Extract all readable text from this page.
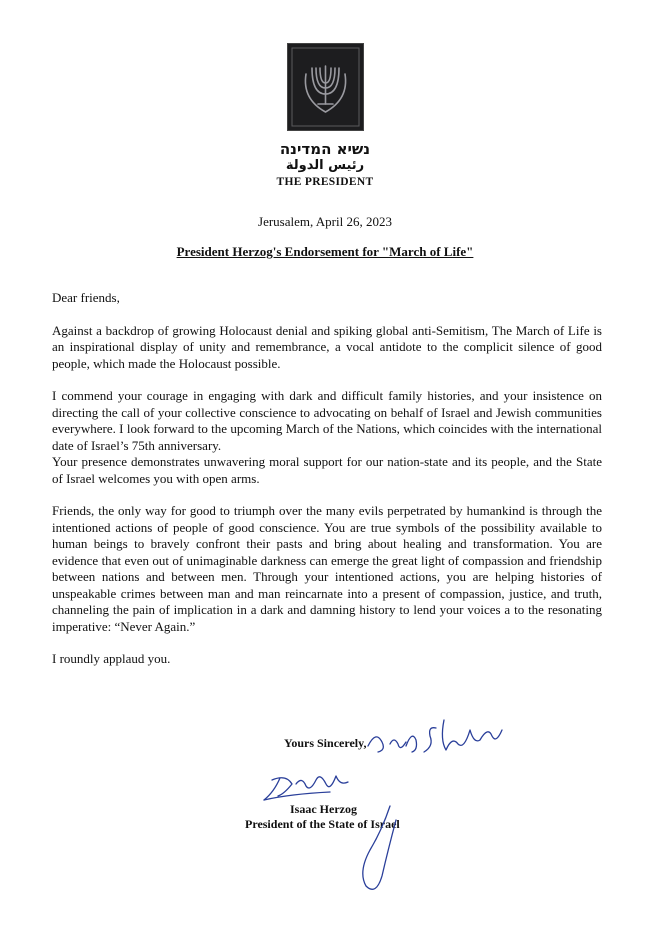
נשיא המדינה
رئيس الدولة
THE PRESIDENT
Jerusalem, April 26, 2023
President Herzog's Endorsement for "March of Life"

Dear friends,

Against a backdrop of growing Holocaust denial and spiking global anti-Semitism, The March of Life is an inspirational display of unity and remembrance, a vocal antidote to the complicit silence of good people, which made the Holocaust possible.

I commend your courage in engaging with dark and difficult family histories, and your insistence on directing the call of your collective conscience to advocating on behalf of Israel and Jewish communities everywhere. I look forward to the upcoming March of the Nations, which coincides with the international date of Israel’s 75th anniversary.

Your presence demonstrates unwavering moral support for our nation-state and its people, and the State of Israel welcomes you with open arms.

Friends, the only way for good to triumph over the many evils perpetrated by humankind is through the intentioned actions of people of good conscience. You are true symbols of the possibility available to human beings to bravely confront their pasts and bring about healing and transformation. You are evidence that even out of unimaginable darkness can emerge the great light of compassion and friendship between nations and between men. Through your intentioned actions, you are helping histories of unspeakable crimes between man and man reincarnate into a present of compassion, justice, and truth, channeling the pain of implication in a dark and damning history to lend your voices a to the resonating imperative: “Never Again.”

I roundly applaud you.

Yours Sincerely,
Isaac Herzog
President of the State of Israel
